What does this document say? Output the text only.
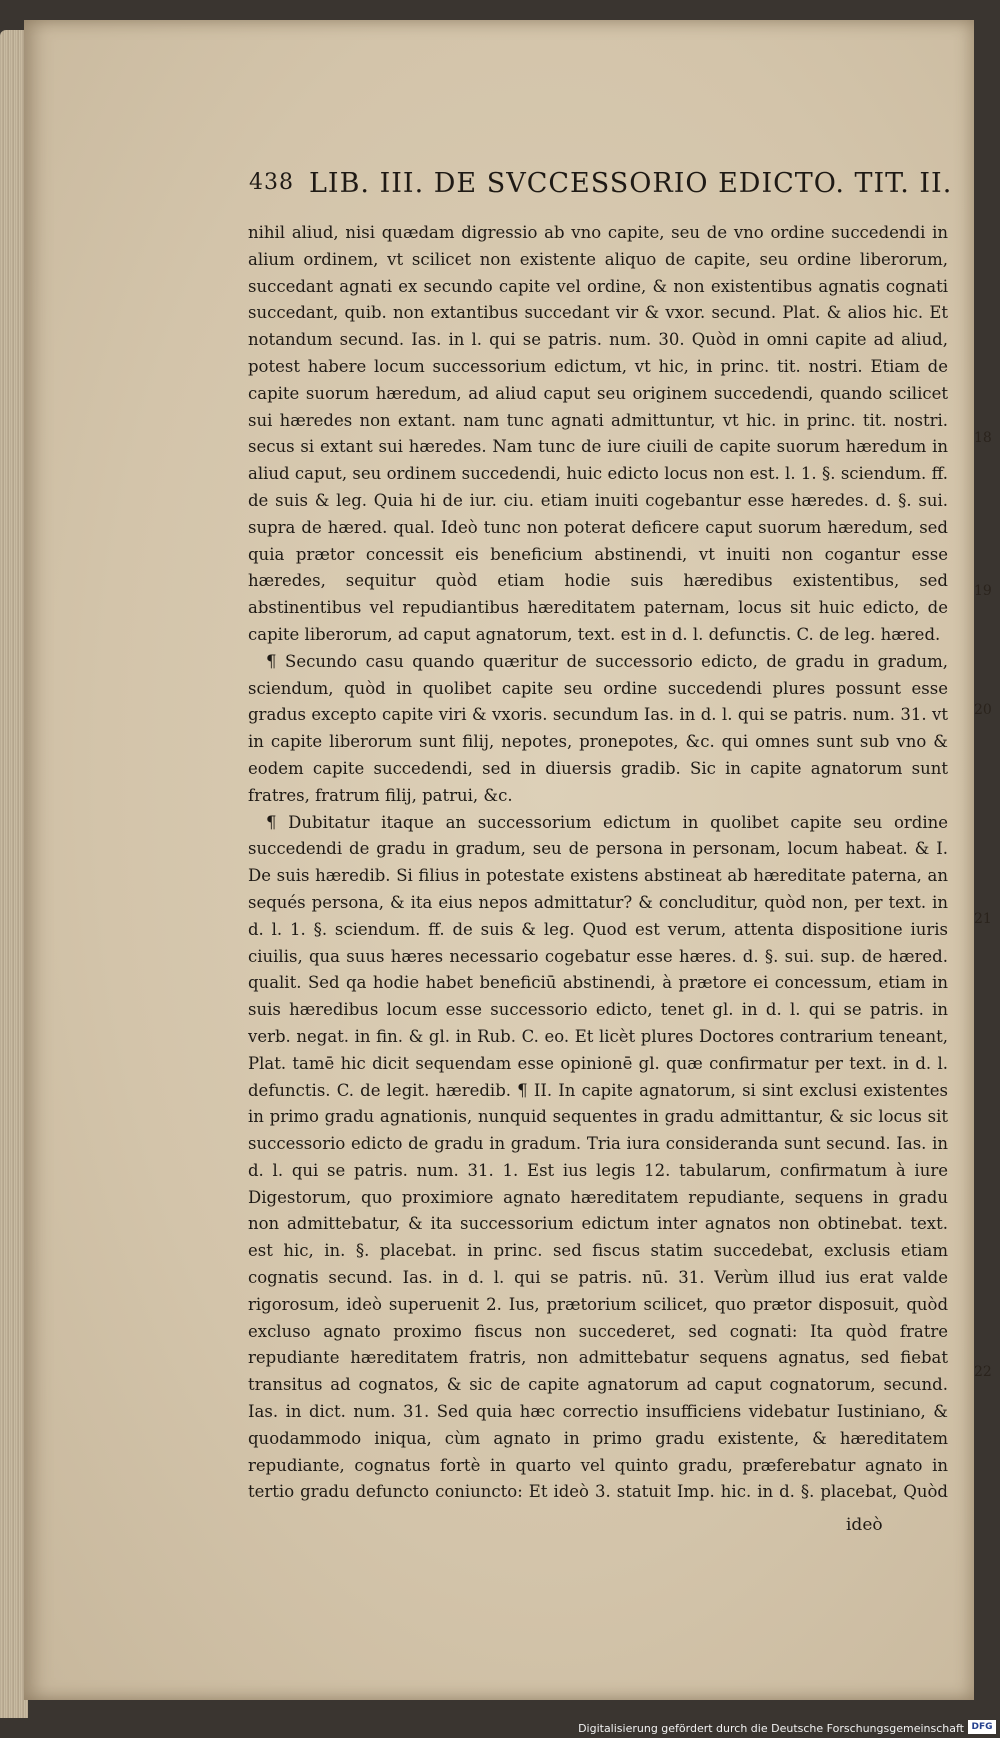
438 LIB. III. DE SVCCESSORIO EDICTO. TIT. II.

nihil aliud, nisi quædam digressio ab vno capite, seu de vno ordine succedendi in alium ordinem, vt scilicet non existente aliquo de capite, seu ordine liberorum, succedant agnati ex secundo capite vel ordine, & non existentibus agnatis cognati succedant, quib. non extantibus succedant vir & vxor. secund. Plat. & alios hic. Et notandum secund. Ias. in l. qui se patris. num. 30. Quòd in omni capite ad aliud, potest habere locum successorium edictum, vt hic, in princ. tit. nostri. Etiam de capite suorum hæredum, ad aliud caput seu originem succedendi, quando scilicet sui hæredes non extant. nam tunc agnati admittuntur, vt hic. in princ. tit. nostri. secus si extant sui hæredes. Nam tunc de iure ciuili de capite suorum hæredum in aliud caput, seu ordinem succedendi, huic edicto locus non est. l. 1. §. sciendum. ff. de suis & leg. Quia hi de iur. ciu. etiam inuiti cogebantur esse hæredes. d. §. sui. supra de hæred. qual. Ideò tunc non poterat deficere caput suorum hæredum, sed quia prætor concessit eis beneficium abstinendi, vt inuiti non cogantur esse hæredes, sequitur quòd etiam hodie suis hæredibus existentibus, sed abstinentibus vel repudiantibus hæreditatem paternam, locus sit huic edicto, de capite liberorum, ad caput agnatorum, text. est in d. l. defunctis. C. de leg. hæred.

¶ Secundo casu quando quæritur de successorio edicto, de gradu in gradum, sciendum, quòd in quolibet capite seu ordine succedendi plures possunt esse gradus excepto capite viri & vxoris. secundum Ias. in d. l. qui se patris. num. 31. vt in capite liberorum sunt filij, nepotes, pronepotes, &c. qui omnes sunt sub vno & eodem capite succedendi, sed in diuersis gradib. Sic in capite agnatorum sunt fratres, fratrum filij, patrui, &c.

¶ Dubitatur itaque an successorium edictum in quolibet capite seu ordine succedendi de gradu in gradum, seu de persona in personam, locum habeat. & I. De suis hæredib. Si filius in potestate existens abstineat ab hæreditate paterna, an sequés persona, & ita eius nepos admittatur? & concluditur, quòd non, per text. in d. l. 1. §. sciendum. ff. de suis & leg. Quod est verum, attenta dispositione iuris ciuilis, qua suus hæres necessario cogebatur esse hæres. d. §. sui. sup. de hæred. qualit. Sed qa hodie habet beneficiū abstinendi, à prætore ei concessum, etiam in suis hæredibus locum esse successorio edicto, tenet gl. in d. l. qui se patris. in verb. negat. in fin. & gl. in Rub. C. eo. Et licèt plures Doctores contrarium teneant, Plat. tamē hic dicit sequendam esse opinionē gl. quæ confirmatur per text. in d. l. defunctis. C. de legit. hæredib. ¶ II. In capite agnatorum, si sint exclusi existentes in primo gradu agnationis, nunquid sequentes in gradu admittantur, & sic locus sit successorio edicto de gradu in gradum. Tria iura consideranda sunt secund. Ias. in d. l. qui se patris. num. 31. 1. Est ius legis 12. tabularum, confirmatum à iure Digestorum, quo proximiore agnato hæreditatem repudiante, sequens in gradu non admittebatur, & ita successorium edictum inter agnatos non obtinebat. text. est hic, in. §. placebat. in princ. sed fiscus statim succedebat, exclusis etiam cognatis secund. Ias. in d. l. qui se patris. nū. 31. Verùm illud ius erat valde rigorosum, ideò superuenit 2. Ius, prætorium scilicet, quo prætor disposuit, quòd excluso agnato proximo fiscus non succederet, sed cognati: Ita quòd fratre repudiante hæreditatem fratris, non admittebatur sequens agnatus, sed fiebat transitus ad cognatos, & sic de capite agnatorum ad caput cognatorum, secund. Ias. in dict. num. 31. Sed quia hæc correctio insufficiens videbatur Iustiniano, & quodammodo iniqua, cùm agnato in primo gradu existente, & hæreditatem repudiante, cognatus fortè in quarto vel quinto gradu, præferebatur agnato in tertio gradu defuncto coniuncto: Et ideò 3. statuit Imp. hic. in d. §. placebat, Quòd

18
19
20
21
22
ideò
Digitalisierung gefördert durch die Deutsche Forschungsgemeinschaft DFG
